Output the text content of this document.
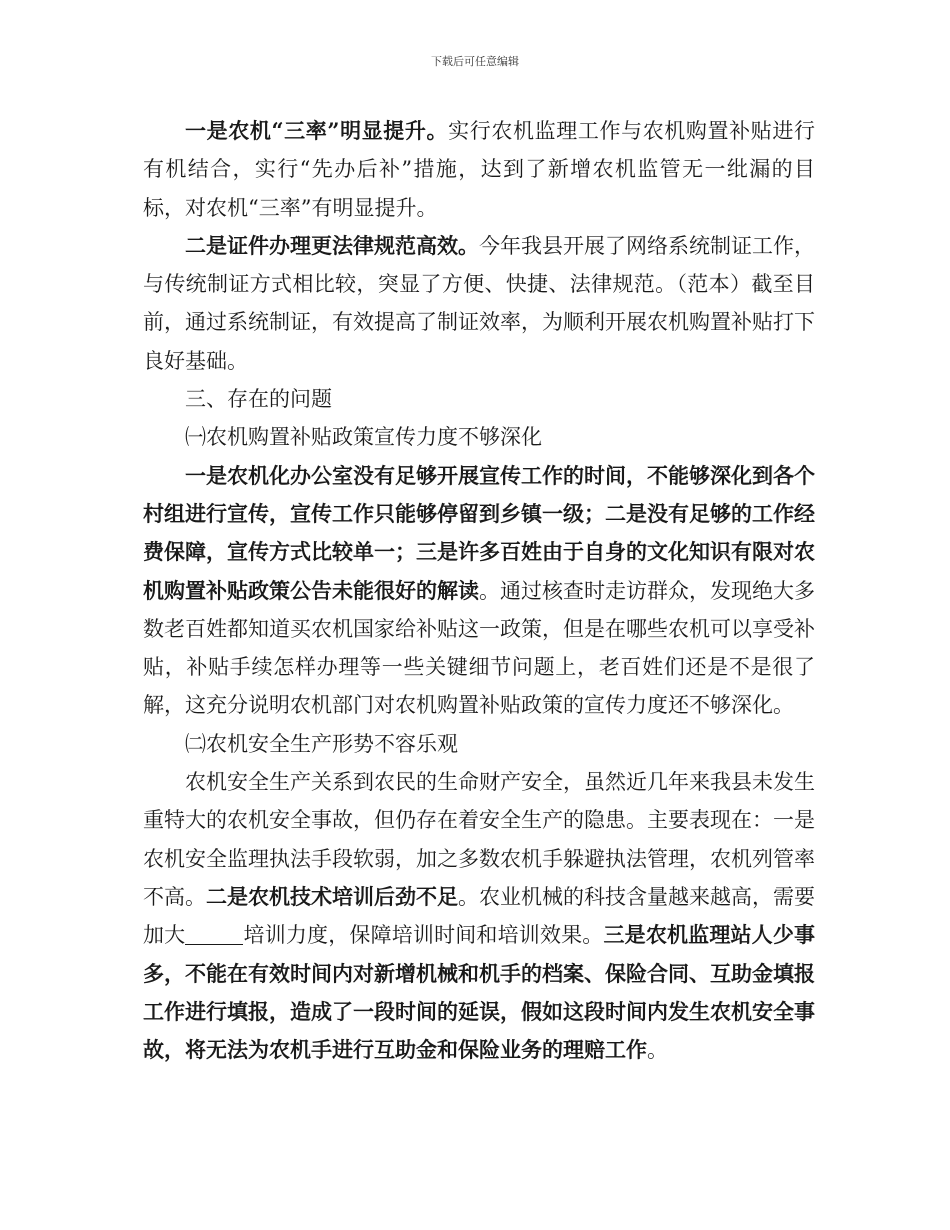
下载后可任意编辑

一是农机“三率”明显提升。实行农机监理工作与农机购置补贴进行有机结合，实行“先办后补”措施，达到了新增农机监管无一纰漏的目标，对农机“三率”有明显提升。

二是证件办理更法律规范高效。今年我县开展了网络系统制证工作，与传统制证方式相比较，突显了方便、快捷、法律规范。（范本）截至目前，通过系统制证，有效提高了制证效率，为顺利开展农机购置补贴打下良好基础。

三、存在的问题

㈠农机购置补贴政策宣传力度不够深化

一是农机化办公室没有足够开展宣传工作的时间，不能够深化到各个村组进行宣传，宣传工作只能够停留到乡镇一级；二是没有足够的工作经费保障，宣传方式比较单一；三是许多百姓由于自身的文化知识有限对农机购置补贴政策公告未能很好的解读。通过核查时走访群众，发现绝大多数老百姓都知道买农机国家给补贴这一政策，但是在哪些农机可以享受补贴，补贴手续怎样办理等一些关键细节问题上，老百姓们还是不是很了解，这充分说明农机部门对农机购置补贴政策的宣传力度还不够深化。

㈡农机安全生产形势不容乐观

农机安全生产关系到农民的生命财产安全，虽然近几年来我县未发生重特大的农机安全事故，但仍存在着安全生产的隐患。主要表现在：一是农机安全监理执法手段软弱，加之多数农机手躲避执法管理，农机列管率不高。二是农机技术培训后劲不足。农业机械的科技含量越来越高，需要加大	培训力度，保障培训时间和培训效果。三是农机监理站人少事多，不能在有效时间内对新增机械和机手的档案、保险合同、互助金填报工作进行填报，造成了一段时间的延误，假如这段时间内发生农机安全事故，将无法为农机手进行互助金和保险业务的理赔工作。
